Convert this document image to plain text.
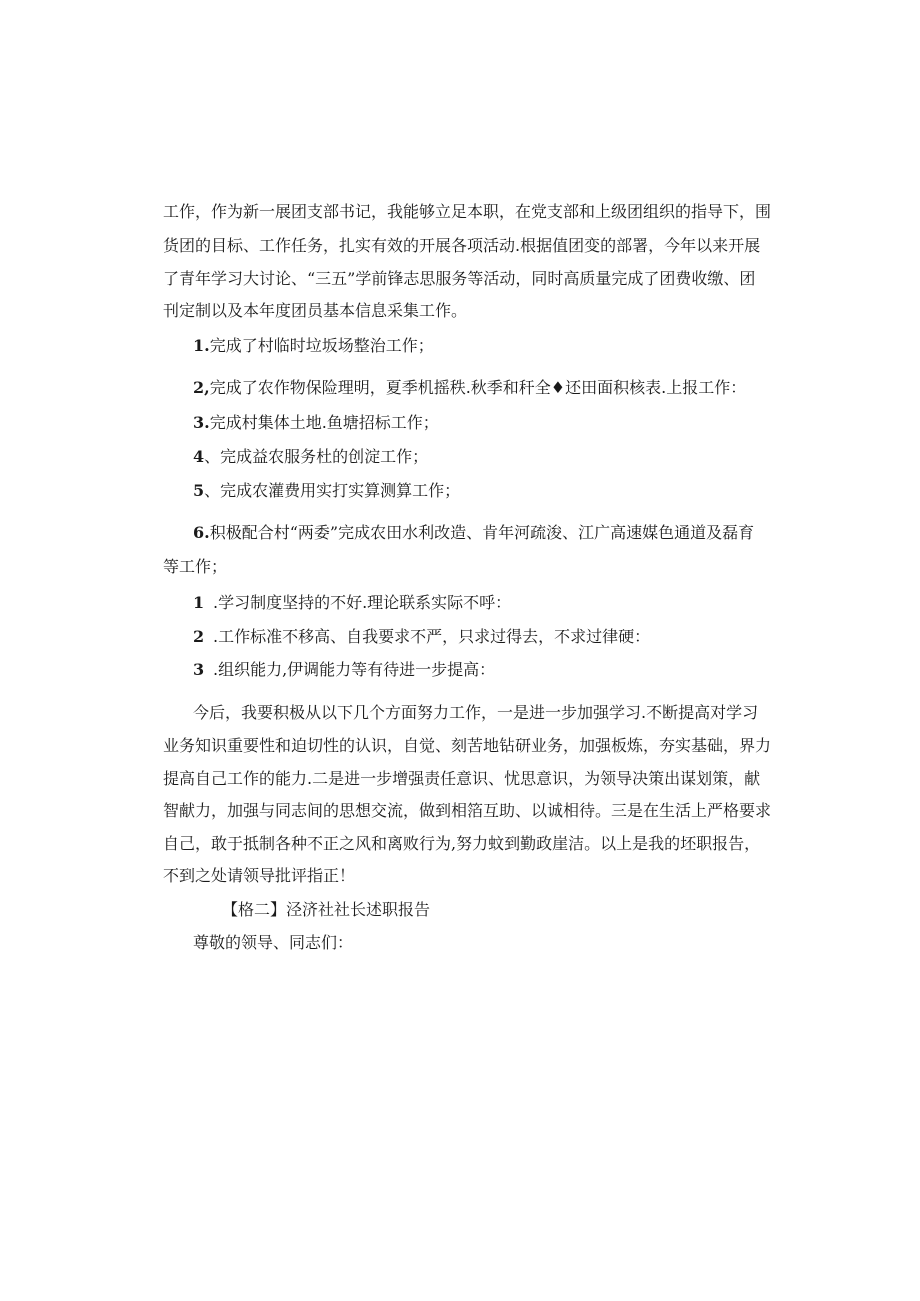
工作，作为新一展团支部书记，我能够立足本职，在党支部和上级团组织的指导下，围
货团的目标、工作任务，扎实有效的开展各项活动.根据值团变的部署，今年以来开展
了青年学习大讨论、“三五”学前锋志思服务等活动，同时高质量完成了团费收缴、团
刊定制以及本年度团员基本信息采集工作。
1.完成了村临时垃坂场整治工作；
2,完成了农作物保险理明，夏季机摇秩.秋季和秆全♦还田面积核表.上报工作：
3.完成村集体土地.鱼塘招标工作；
4、完成益农服务杜的创淀工作；
5、完成农灌费用实打实算测算工作；
6.积极配合村“两委”完成农田水利改造、肯年河疏浚、江广高速媒色通道及磊育
等工作；
1 .学习制度坚持的不好.理论联系实际不呼：
2 .工作标准不移高、自我要求不严，只求过得去，不求过律硬：
3 .组织能力,伊调能力等有待进一步提高：
今后，我要积极从以下几个方面努力工作，一是进一步加强学习.不断提高对学习
业务知识重要性和迫切性的认识，自觉、刻苦地钻研业务，加强板炼，夯实基础，界力
提高自己工作的能力.二是进一步增强责任意识、忧思意识，为领导决策出谋划策，献
智献力，加强与同志间的思想交流，做到相箔互助、以诚相待。三是在生活上严格要求
自己，敢于抵制各种不正之风和离败行为,努力蚊到勤政崖洁。以上是我的坯职报告，
不到之处请领导批评指正！
【格二】泾济社社长述职报告
尊敬的领导、同志们：
